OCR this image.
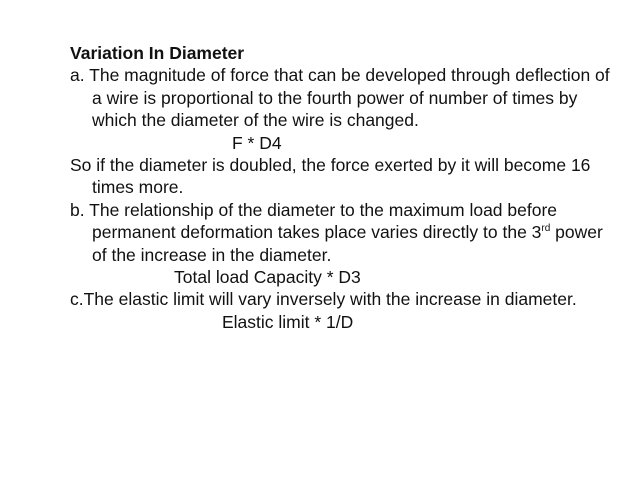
Variation In Diameter

a. The magnitude of force that can be developed through deflection of a wire is proportional to the fourth power of number of times by which the diameter of the wire is changed.

F * D4

So if the diameter is doubled, the force exerted by it will become 16 times more.

b. The relationship of the diameter to the maximum load before permanent deformation takes place varies directly to the 3rd power of the increase in the diameter.

Total load Capacity * D3

c.The elastic limit will vary inversely with the increase in diameter.

Elastic limit * 1/D
